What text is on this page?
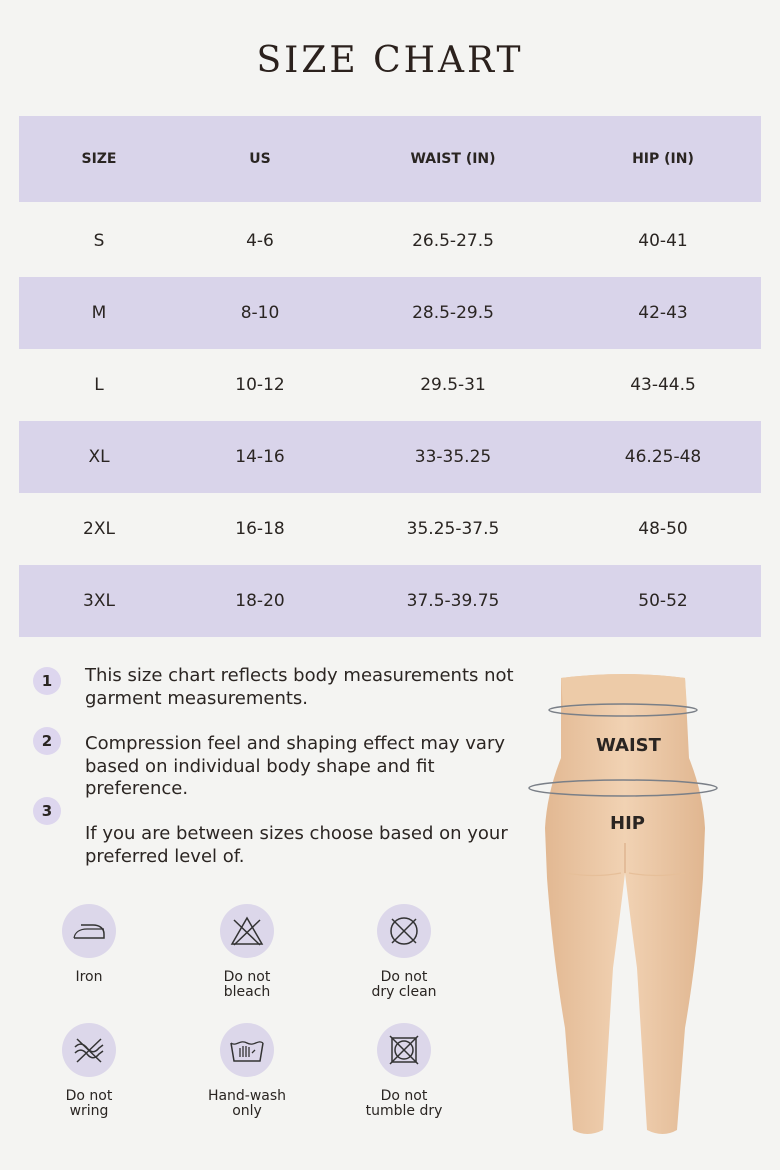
SIZE CHART
SIZE	US	WAIST (IN)	HIP (IN)
S	4-6	26.5-27.5	40-41
M	8-10	28.5-29.5	42-43
L	10-12	29.5-31	43-44.5
XL	14-16	33-35.25	46.25-48
2XL	16-18	35.25-37.5	48-50
3XL	18-20	37.5-39.75	50-52
1	This size chart reflects body measurements not garment measurements.
2	Compression feel and shaping effect may vary based on individual body shape and fit preference.
3
If you are between sizes choose based on your preferred level of.
Iron	Do not
bleach
Do not
dry clean
Do not
wring
Hand-wash
only
Do not
tumble dry
WAIST
HIP
